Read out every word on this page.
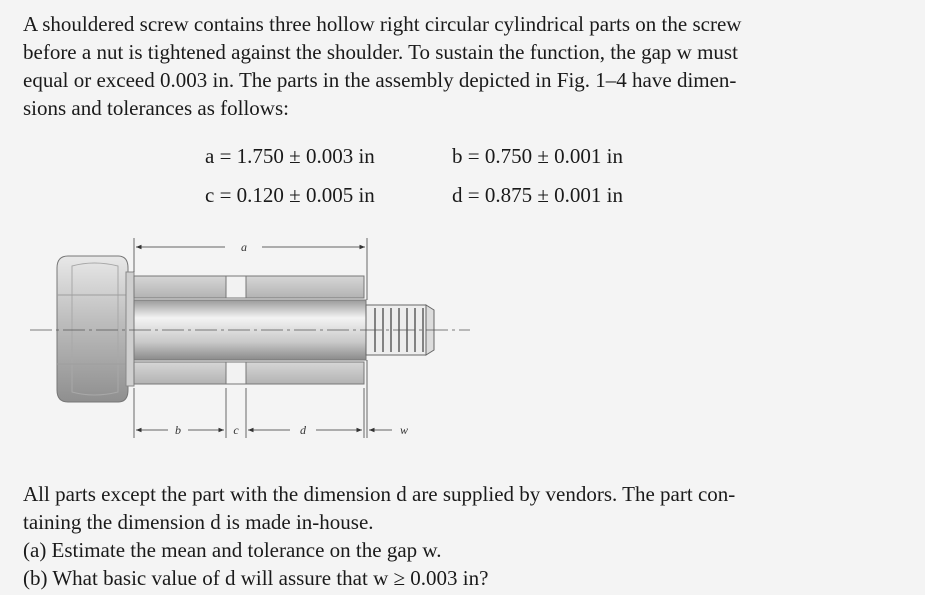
A shouldered screw contains three hollow right circular cylindrical parts on the screw
before a nut is tightened against the shoulder. To sustain the function, the gap w must
equal or exceed 0.003 in. The parts in the assembly depicted in Fig. 1–4 have dimen-
sions and tolerances as follows:
a = 1.750 ± 0.003 in	b = 0.750 ± 0.001 in
c = 0.120 ± 0.005 in	d = 0.875 ± 0.001 in
a
b	c	d	w
All parts except the part with the dimension d are supplied by vendors. The part con-
taining the dimension d is made in-house.
(a) Estimate the mean and tolerance on the gap w.
(b) What basic value of d will assure that w ≥ 0.003 in?
